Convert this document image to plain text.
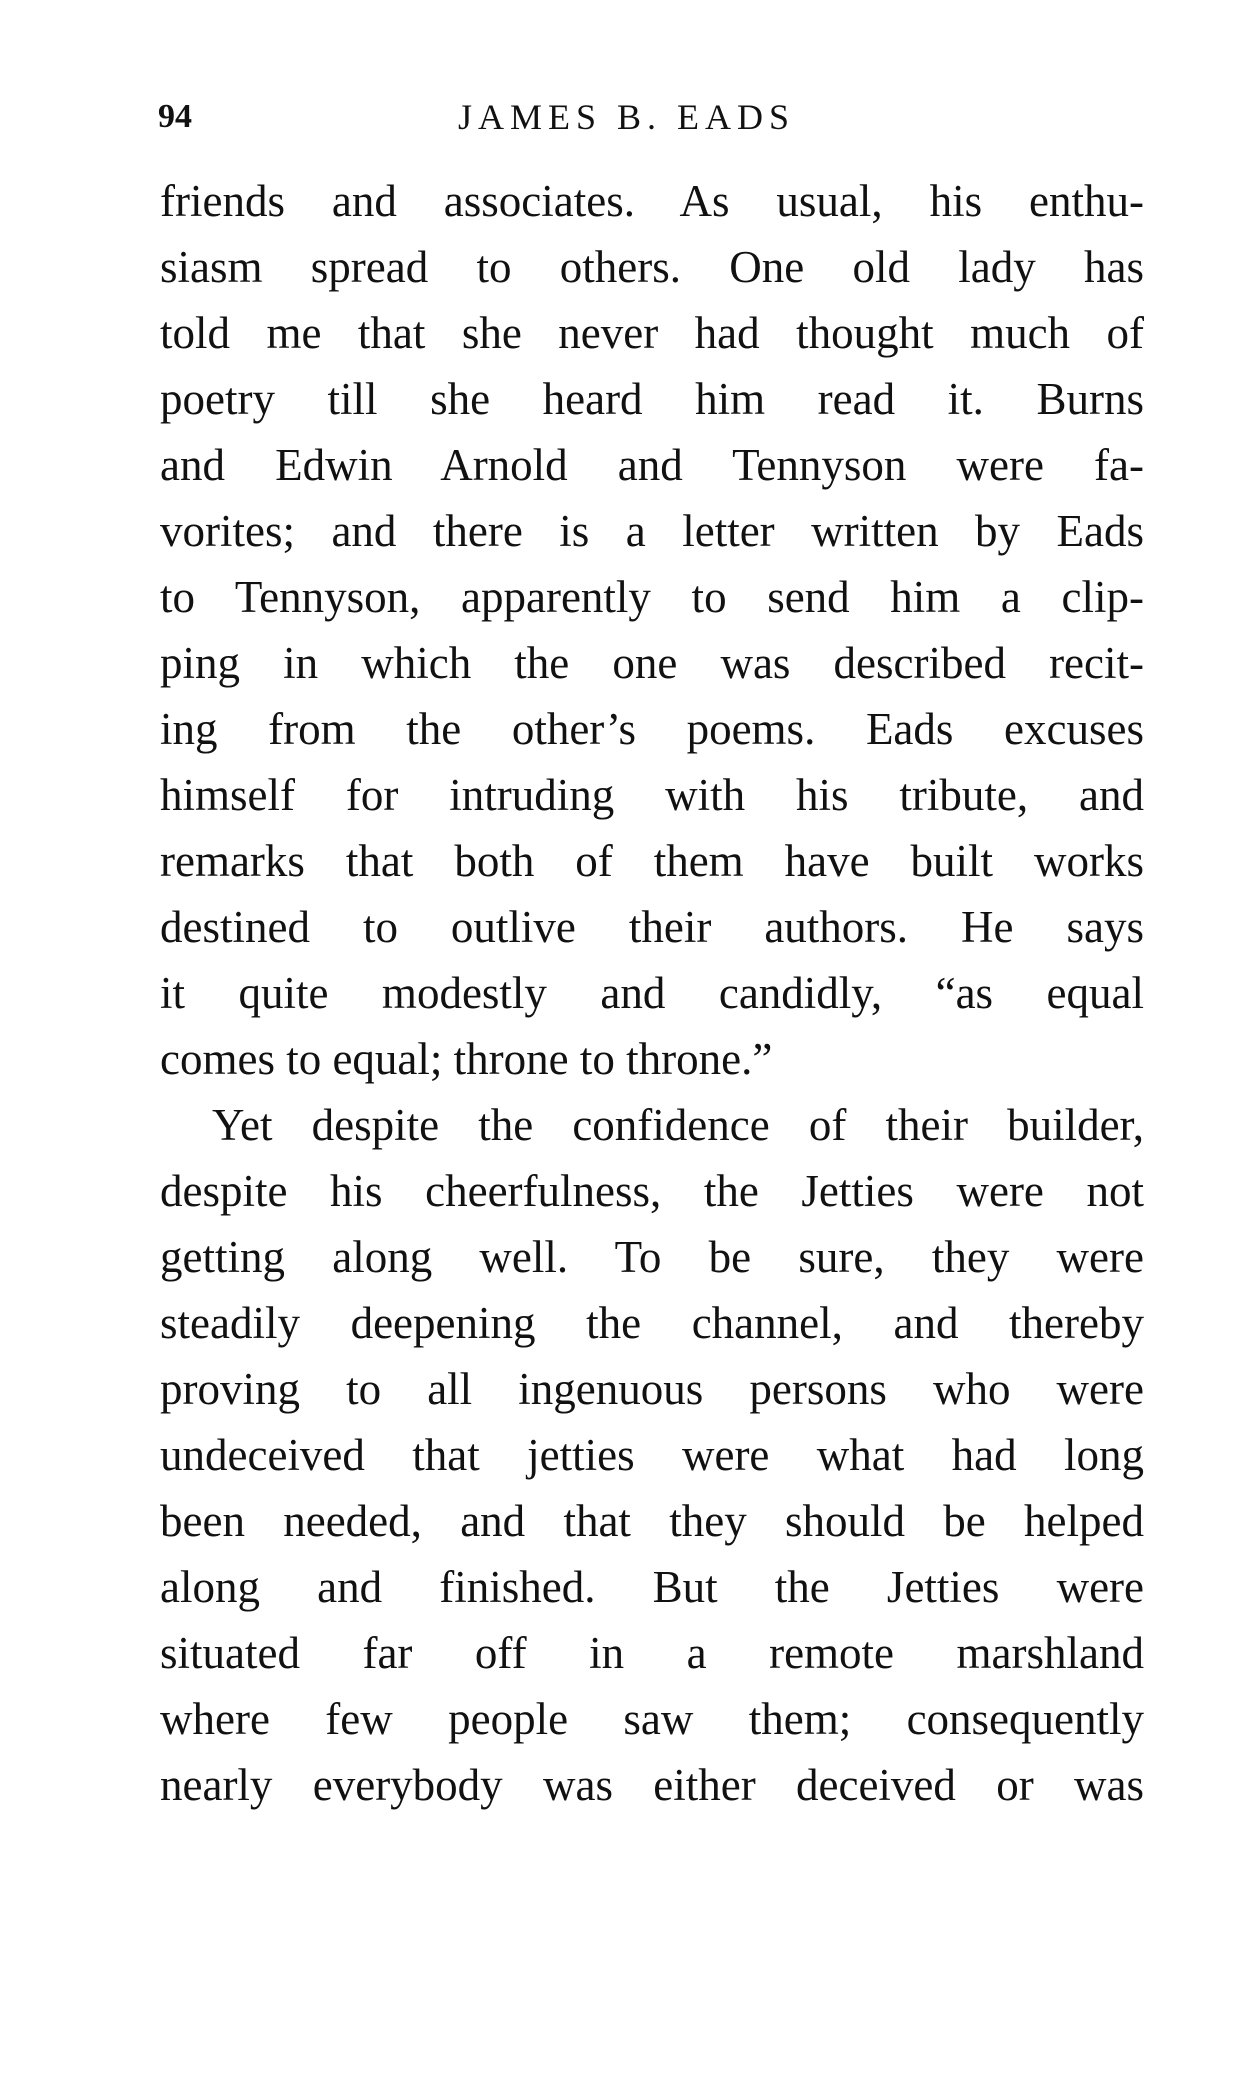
94	JAMES B. EADS
friends and associates. As usual, his enthu-
siasm spread to others. One old lady has
told me that she never had thought much of
poetry till she heard him read it. Burns
and Edwin Arnold and Tennyson were fa-
vorites; and there is a letter written by Eads
to Tennyson, apparently to send him a clip-
ping in which the one was described recit-
ing from the other’s poems. Eads excuses
himself for intruding with his tribute, and
remarks that both of them have built works
destined to outlive their authors. He says
it quite modestly and candidly, “as equal
comes to equal; throne to throne.”
Yet despite the confidence of their builder,
despite his cheerfulness, the Jetties were not
getting along well. To be sure, they were
steadily deepening the channel, and thereby
proving to all ingenuous persons who were
undeceived that jetties were what had long
been needed, and that they should be helped
along and finished. But the Jetties were
situated far off in a remote marshland
where few people saw them; consequently
nearly everybody was either deceived or was
